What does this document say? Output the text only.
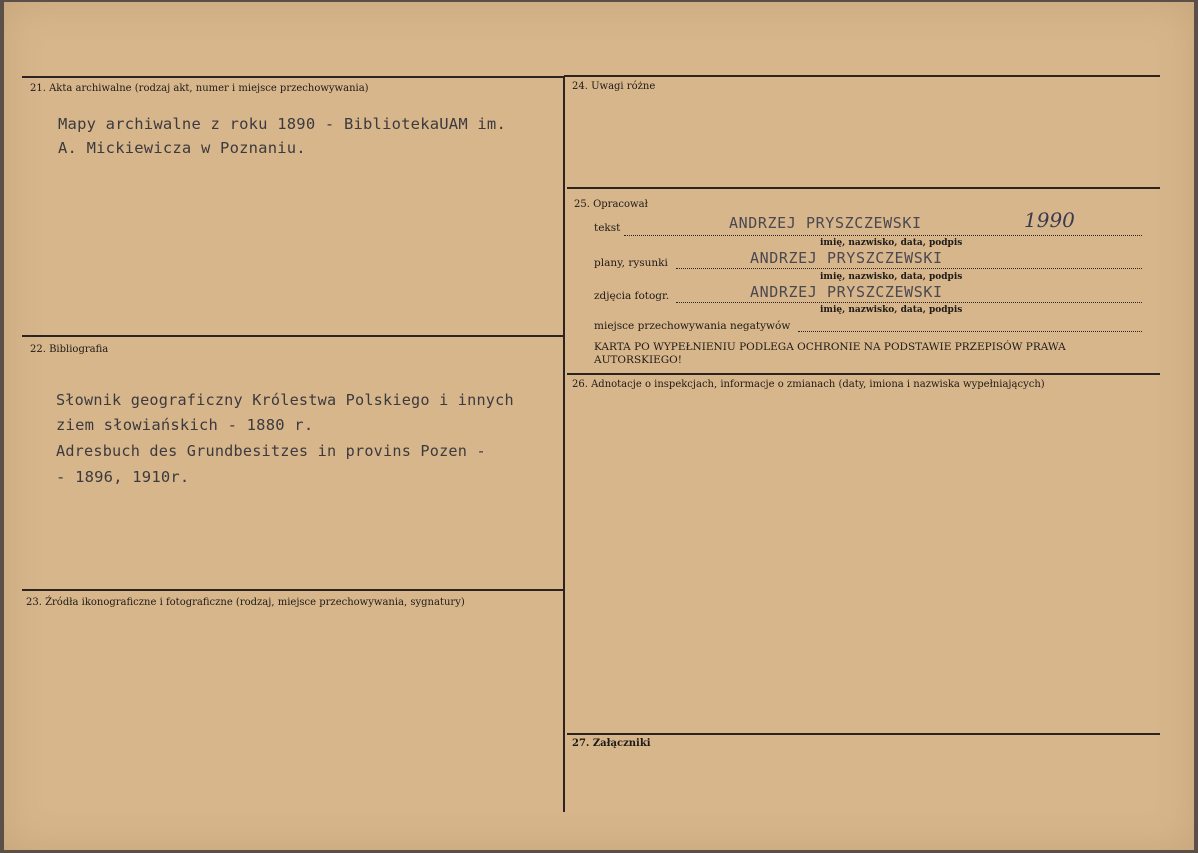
21. Akta archiwalne (rodzaj akt, numer i miejsce przechowywania)
Mapy archiwalne z roku 1890 - BibliotekaUAM im.
A. Mickiewicza w Poznaniu.
22. Bibliografia
Słownik geograficzny Królestwa Polskiego i innych
ziem słowiańskich - 1880 r.
Adresbuch des Grundbesitzes in provins Pozen -
- 1896, 1910r.
23. Źródła ikonograficzne i fotograficzne (rodzaj, miejsce przechowywania, sygnatury)
24. Uwagi różne
25. Opracował
tekst	ANDRZEJ PRYSZCZEWSKI	1990
imię, nazwisko, data, podpis
plany, rysunki	ANDRZEJ PRYSZCZEWSKI
imię, nazwisko, data, podpis
zdjęcia fotogr.	ANDRZEJ PRYSZCZEWSKI
imię, nazwisko, data, podpis
miejsce przechowywania negatywów
KARTA PO WYPEŁNIENIU PODLEGA OCHRONIE NA PODSTAWIE PRZEPISÓW PRAWA AUTORSKIEGO!
26. Adnotacje o inspekcjach, informacje o zmianach (daty, imiona i nazwiska wypełniających)
27. Załączniki
